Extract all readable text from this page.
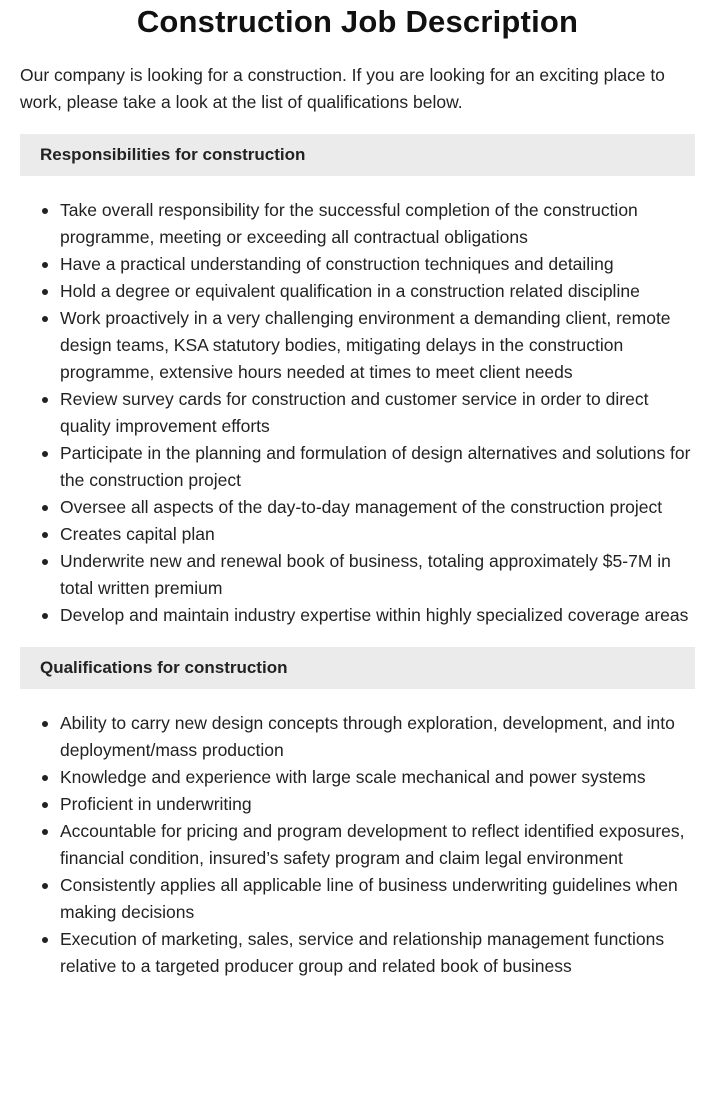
Construction Job Description

Our company is looking for a construction. If you are looking for an exciting place to work, please take a look at the list of qualifications below.

Responsibilities for construction
Take overall responsibility for the successful completion of the construction programme, meeting or exceeding all contractual obligations
Have a practical understanding of construction techniques and detailing
Hold a degree or equivalent qualification in a construction related discipline
Work proactively in a very challenging environment a demanding client, remote design teams, KSA statutory bodies, mitigating delays in the construction programme, extensive hours needed at times to meet client needs
Review survey cards for construction and customer service in order to direct quality improvement efforts
Participate in the planning and formulation of design alternatives and solutions for the construction project
Oversee all aspects of the day-to-day management of the construction project
Creates capital plan
Underwrite new and renewal book of business, totaling approximately $5-7M in total written premium
Develop and maintain industry expertise within highly specialized coverage areas
Qualifications for construction
Ability to carry new design concepts through exploration, development, and into deployment/mass production
Knowledge and experience with large scale mechanical and power systems
Proficient in underwriting
Accountable for pricing and program development to reflect identified exposures, financial condition, insured’s safety program and claim legal environment
Consistently applies all applicable line of business underwriting guidelines when making decisions
Execution of marketing, sales, service and relationship management functions relative to a targeted producer group and related book of business
